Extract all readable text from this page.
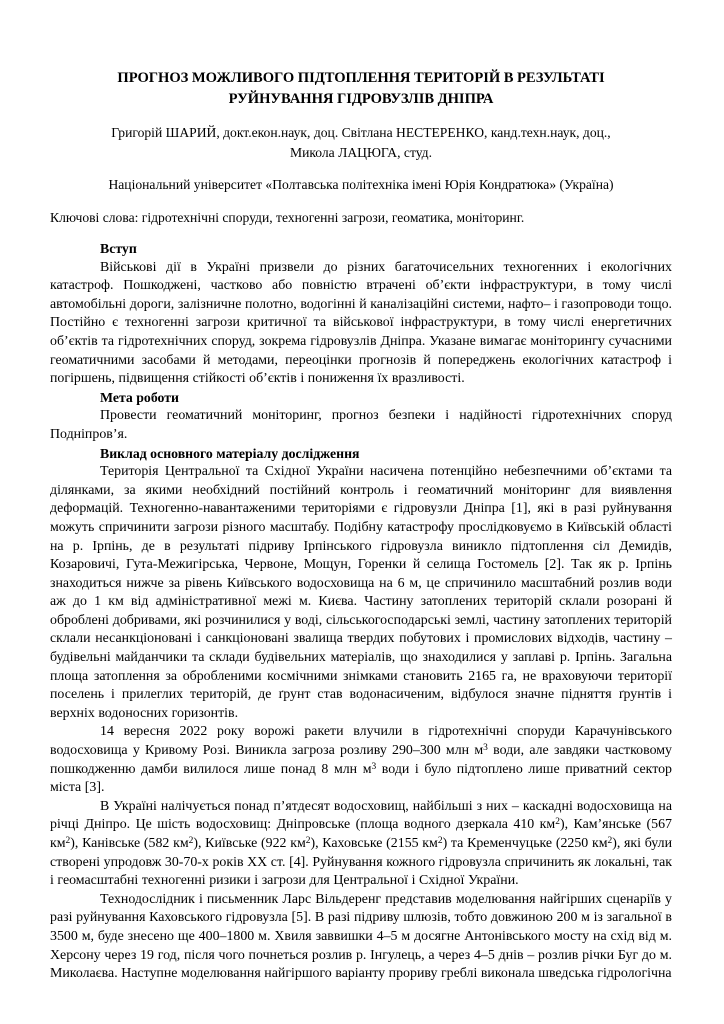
ПРОГНОЗ МОЖЛИВОГО ПІДТОПЛЕННЯ ТЕРИТОРІЙ В РЕЗУЛЬТАТІ
РУЙНУВАННЯ ГІДРОВУЗЛІВ ДНІПРА
Григорій ШАРИЙ, докт.екон.наук, доц. Світлана НЕСТЕРЕНКО, канд.техн.наук, доц.,
Микола ЛАЦЮГА, студ.
Національний університет «Полтавська політехніка імені Юрія Кондратюка» (Україна)
Ключові слова: гідротехнічні споруди, техногенні загрози, геоматика, моніторинг.
Вступ

Військові дії в Україні призвели до різних багаточисельних техногенних і екологічних катастроф. Пошкоджені, частково або повністю втрачені об’єкти інфраструктури, в тому числі автомобільні дороги, залізничне полотно, водогінні й каналізаційні системи, нафто– і газопроводи тощо. Постійно є техногенні загрози критичної та військової інфраструктури, в тому числі енергетичних об’єктів та гідротехнічних споруд, зокрема гідровузлів Дніпра. Указане вимагає моніторингу сучасними геоматичними засобами й методами, переоцінки прогнозів й попереджень екологічних катастроф і погіршень, підвищення стійкості об’єктів і пониження їх вразливості.

Мета роботи

Провести геоматичний моніторинг, прогноз безпеки і надійності гідротехнічних споруд Подніпров’я.

Виклад основного матеріалу дослідження

Територія Центральної та Східної України насичена потенційно небезпечними об’єктами та ділянками, за якими необхідний постійний контроль і геоматичний моніторинг для виявлення деформацій. Техногенно-навантаженими територіями є гідровузли Дніпра [1], які в разі руйнування можуть спричинити загрози різного масштабу. Подібну катастрофу прослідковуємо в Київській області на р. Ірпінь, де в результаті підриву Ірпінського гідровузла виникло підтоплення сіл Демидів, Козаровичі, Гута-Межигірська, Червоне, Мощун, Горенки й селища Гостомель [2]. Так як р. Ірпінь знаходиться нижче за рівень Київського водосховища на 6 м, це спричинило масштабний розлив води аж до 1 км від адміністративної межі м. Києва. Частину затоплених територій склали розорані й оброблені добривами, які розчинилися у воді, сільськогосподарські землі, частину затоплених територій склали несанкціоновані і санкціоновані звалища твердих побутових і промислових відходів, частину – будівельні майданчики та склади будівельних матеріалів, що знаходилися у заплаві р. Ірпінь. Загальна площа затоплення за обробленими космічними знімками становить 2165 га, не враховуючи території поселень і прилеглих територій, де ґрунт став водонасиченим, відбулося значне підняття ґрунтів і верхніх водоносних горизонтів.

14 вересня 2022 року ворожі ракети влучили в гідротехнічні споруди Карачунівського водосховища у Кривому Розі. Виникла загроза розливу 290–300 млн $м^3$ води, але завдяки частковому пошкодженню дамби вилилося лише понад 8 млн $м^3$ води і було підтоплено лише приватний сектор міста [3].

В Україні налічується понад п’ятдесят водосховищ, найбільші з них – каскадні водосховища на річці Дніпро. Це шість водосховищ: Дніпровське (площа водного дзеркала 410 $км^2$), Кам’янське (567 $км^2$), Канівське (582 $км^2$), Київське (922 $км^2$), Каховське (2155 $км^2$) та Кременчуцьке (2250 $км^2$), які були створені упродовж 30-70-х років XX ст. [4]. Руйнування кожного гідровузла спричинить як локальні, так і геомасштабні техногенні ризики і загрози для Центральної і Східної України.

Технодослідник і письменник Ларс Вільдеренг представив моделювання найгірших сценаріїв у разі руйнування Каховського гідровузла [5]. В разі підриву шлюзів, тобто довжиною 200 м із загальної в 3500 м, буде знесено ще 400–1800 м. Хвиля заввишки 4–5 м досягне Антонівського мосту на схід від м. Херсону через 19 год, після чого почнеться розлив р. Інгулець, а через 4–5 днів – розлив річки Буг до м. Миколаєва. Наступне моделювання найгіршого варіанту прориву греблі виконала шведська гідрологічна
